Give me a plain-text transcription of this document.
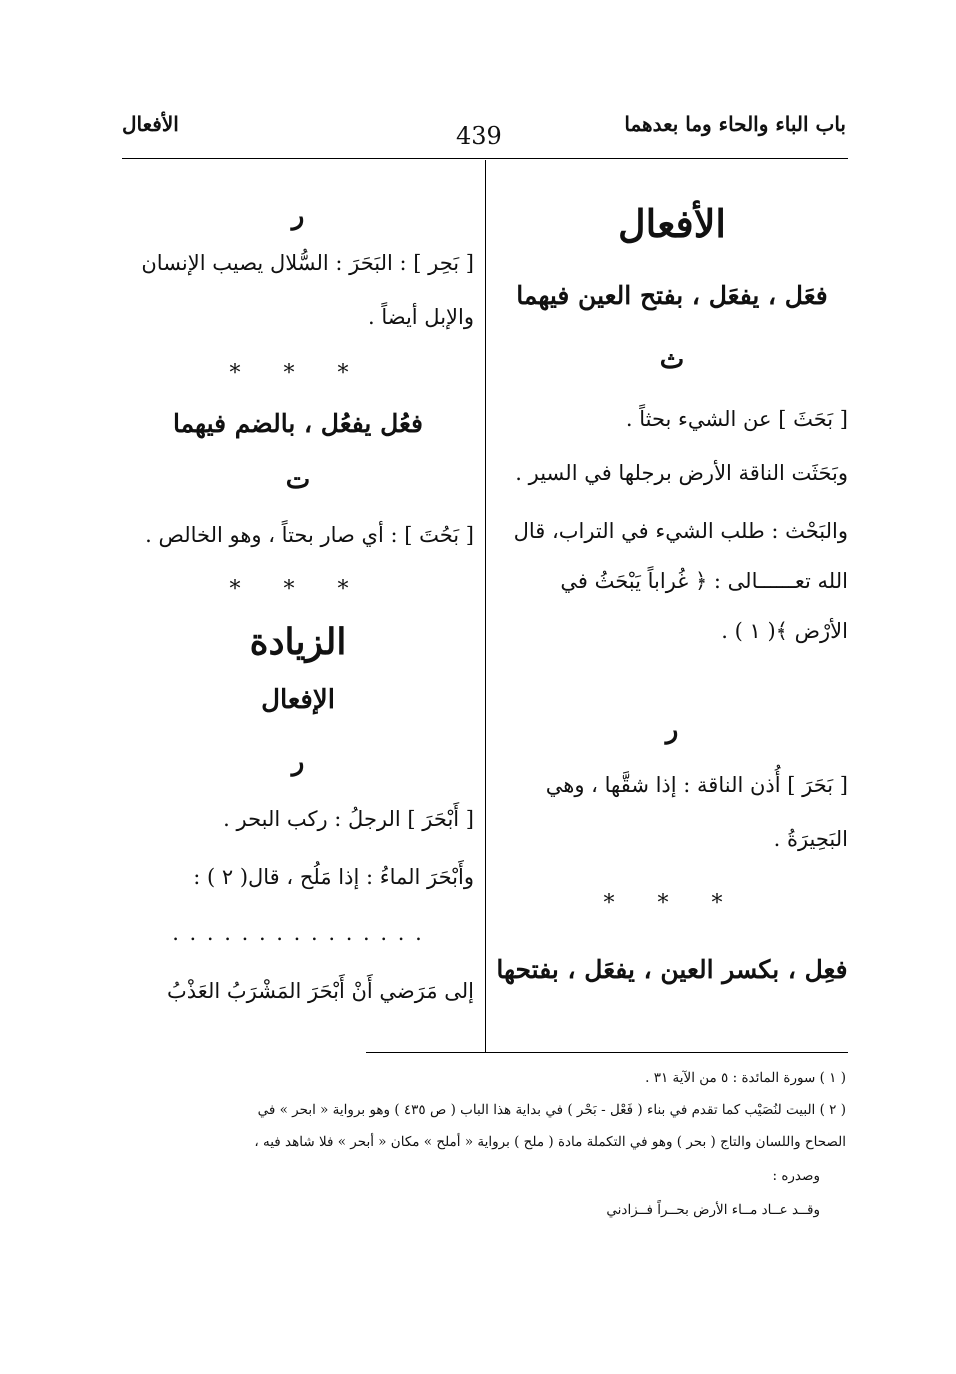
باب الباء والحاء وما بعدهما
439
الأفعال
الأفعال
فعَل ، يفعَل ، بفتح العين فيهما
ث

[ بَحَثَ ] عن الشيء بحثاً .

وبَحَثَت الناقة الأرض برجلها في السير .

والبَحْث : طلب الشيء في التراب، قال

الله تعــــــالى : ﴿ غُراباً يَبْحَثُ في

الأرْض ﴾( ١ ) .

ر

[ بَحَرَ ] أُذن الناقة : إذا شقَّها ، وهي

البَحِيرَةُ .

* * *
فعِل ، بكسر العين ، يفعَل ، بفتحها
ر

[ بَحِر ] : البَحَرَ : السُّلال يصيب الإنسان

والإبل أيضاً .

* * *
فعُل يفعُل ، بالضم فيهما
ت

[ بَحُتَ ] : أي صار بحتاً ، وهو الخالص .

* * *
الزيادة
الإفعال
ر

[ أَبْحَرَ ] الرجلُ : ركب البحر .

وأَبْحَرَ الماءُ : إذا مَلُح ، قال( ٢ ) :

. . . . . . . . . . . . . . .

إلى مَرَضي أَنْ أَبْحَرَ المَشْرَبُ العَذْبُ

( ١ ) سورة المائدة : ٥ من الآية ٣١ .
( ٢ ) البيت لنُصَيْب كما تقدم في بناء ( فَعْل - بَحْر ) في بداية هذا الباب ( ص ٤٣٥ ) وهو برواية « ابحر » في
الصحاح واللسان والتاج ( بحر ) وهو في التكملة مادة ( ملح ) برواية « أملح » مكان « أبحر » فلا شاهد فيه ،
وصدره :
وقــد عــاد مــاء الأرض بحــراً فــزادني
